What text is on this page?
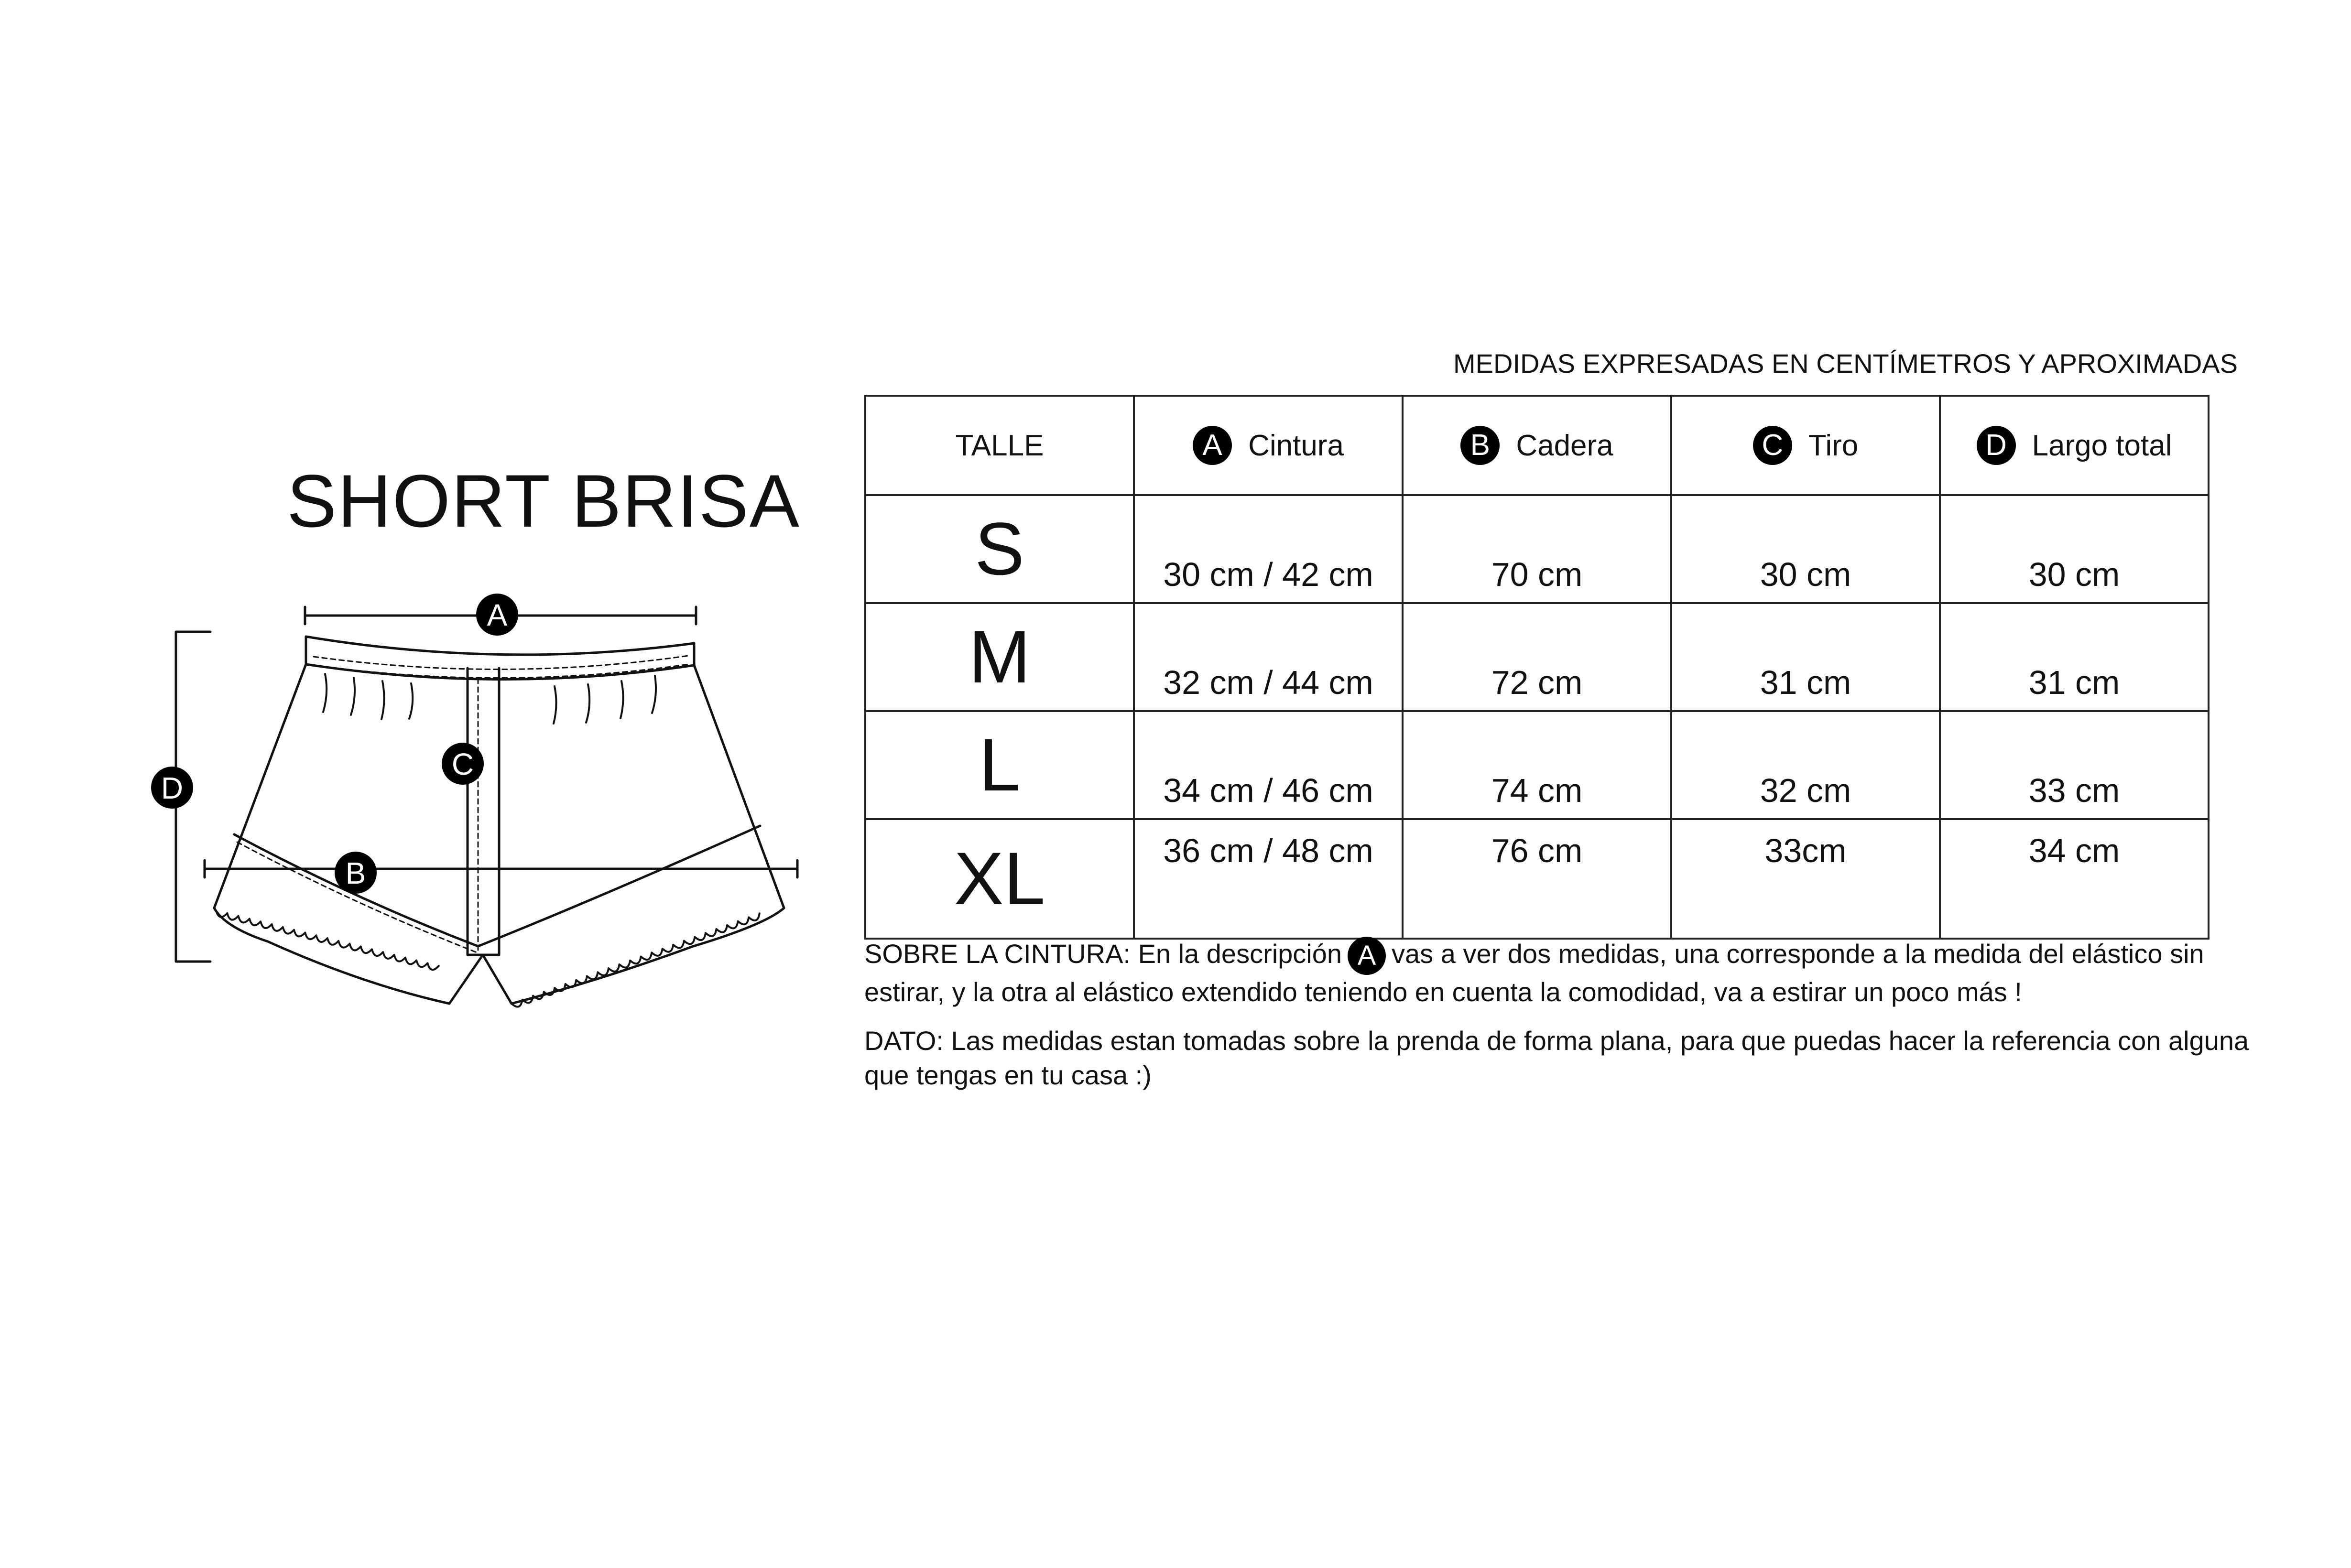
SHORT BRISA
A
B
C
D
MEDIDAS EXPRESADAS EN CENTÍMETROS Y APROXIMADAS
TALLE	A Cintura	B Cadera	C Tiro	D Largo total

S	30 cm / 42 cm	70 cm	30 cm	30 cm
M	32 cm / 44 cm	72 cm	31 cm	31 cm
L	34 cm / 46 cm	74 cm	32 cm	33 cm
XL	36 cm / 48 cm	76 cm	33cm	34 cm
SOBRE LA CINTURA: En la descripción A vas a ver dos medidas, una corresponde a la medida del elástico sin estirar, y la otra al elástico extendido teniendo en cuenta la comodidad, va a estirar un poco más !
DATO: Las medidas estan tomadas sobre la prenda de forma plana, para que puedas hacer la referencia con alguna que tengas en tu casa :)
